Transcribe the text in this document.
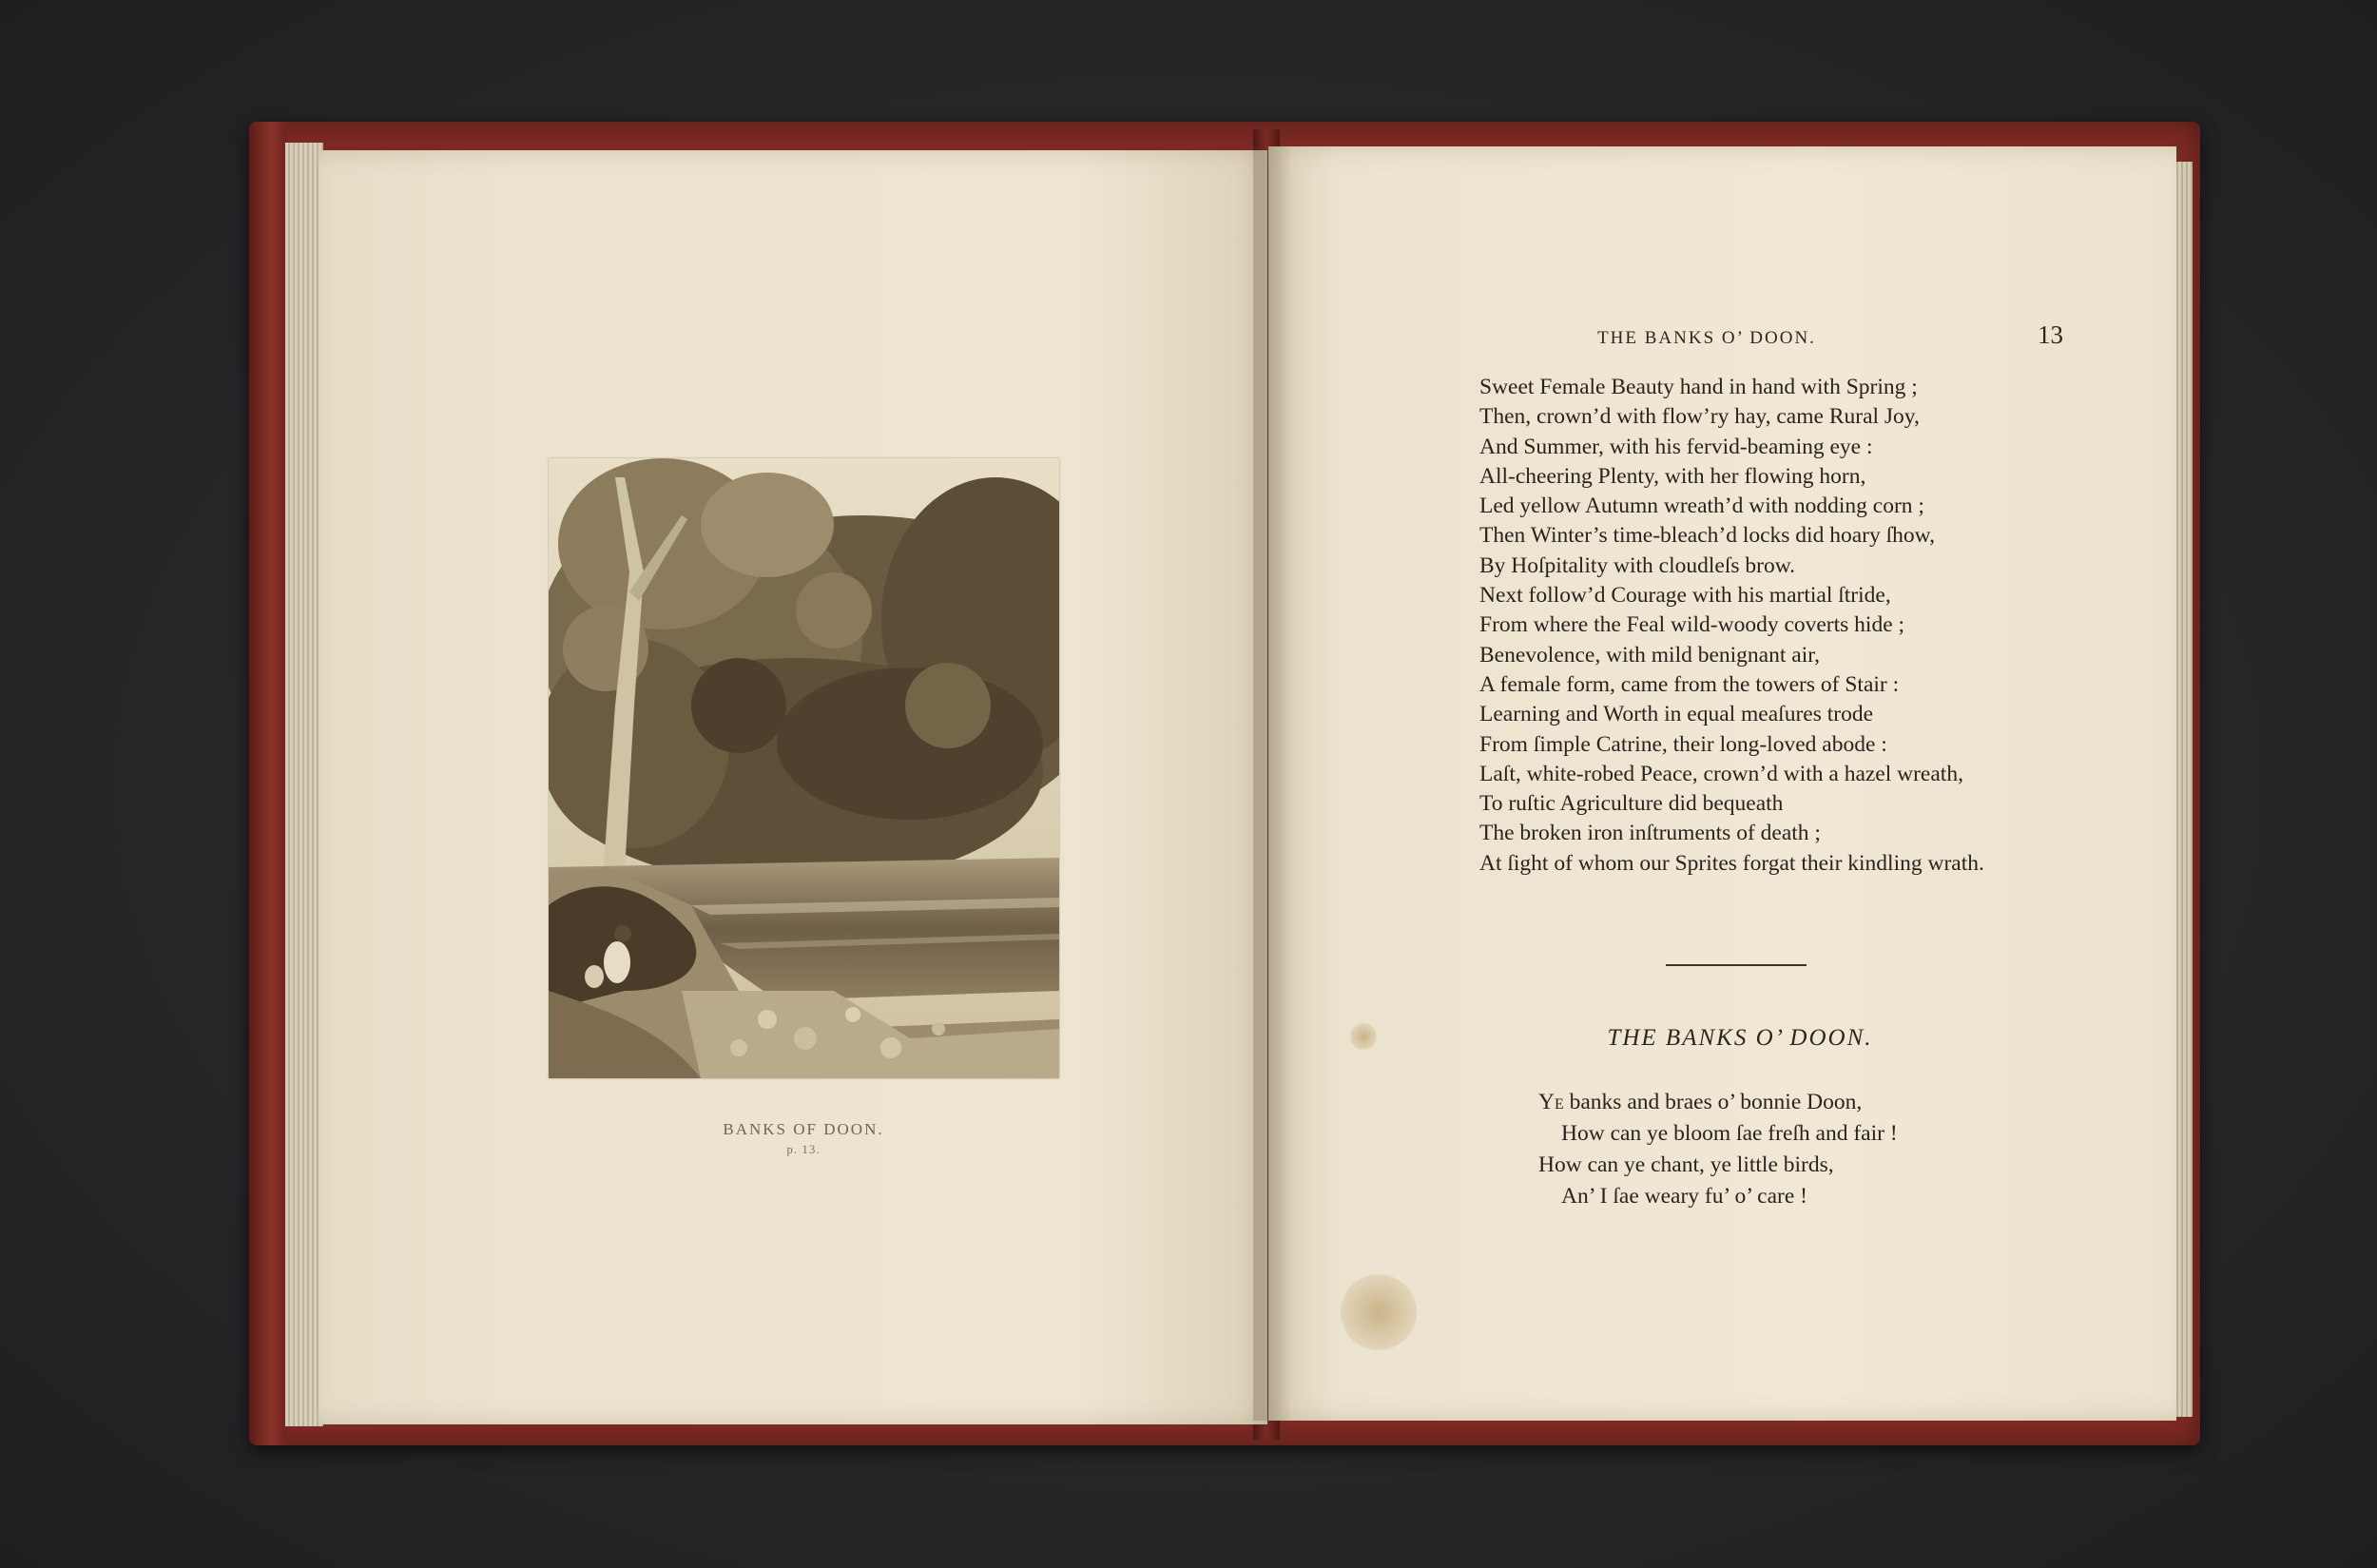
BANKS OF DOON.
p. 13.
THE BANKS O’ DOON.	13
Sweet Female Beauty hand in hand with Spring ;
Then, crown’d with flow’ry hay, came Rural Joy,
And Summer, with his fervid-beaming eye :
All-cheering Plenty, with her flowing horn,
Led yellow Autumn wreath’d with nodding corn ;
Then Winter’s time-bleach’d locks did hoary ſhow,
By Hoſpitality with cloudleſs brow.
Next follow’d Courage with his martial ſtride,
From where the Feal wild-woody coverts hide ;
Benevolence, with mild benignant air,
A female form, came from the towers of Stair :
Learning and Worth in equal meaſures trode
From ſimple Catrine, their long-loved abode :
Laſt, white-robed Peace, crown’d with a hazel wreath,
To ruſtic Agriculture did bequeath
The broken iron inſtruments of death ;
At ſight of whom our Sprites forgat their kindling wrath.
THE BANKS O’ DOON.
Ye banks and braes o’ bonnie Doon,
How can ye bloom ſae freſh and fair !
How can ye chant, ye little birds,
An’ I ſae weary fu’ o’ care !
